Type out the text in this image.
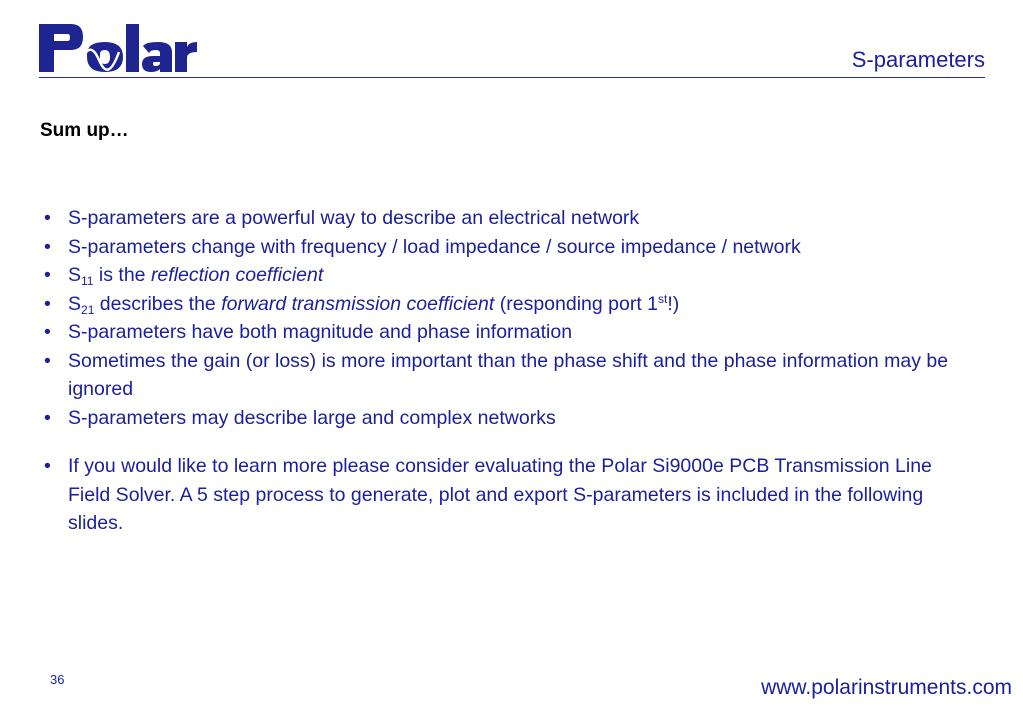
S-parameters
Sum up…
• S-parameters are a powerful way to describe an electrical network
• S-parameters change with frequency / load impedance / source impedance / network
• $S_{11}$ is the reflection coefficient
• $S_{21}$ describes the forward transmission coefficient (responding port 1st!)
• S-parameters have both magnitude and phase information
• Sometimes the gain (or loss) is more important than the phase shift and the phase information may be ignored
• S-parameters may describe large and complex networks
• If you would like to learn more please consider evaluating the Polar Si9000e PCB Transmission Line Field Solver. A 5 step process to generate, plot and export S-parameters is included in the following slides.
36	www.polarinstruments.com
